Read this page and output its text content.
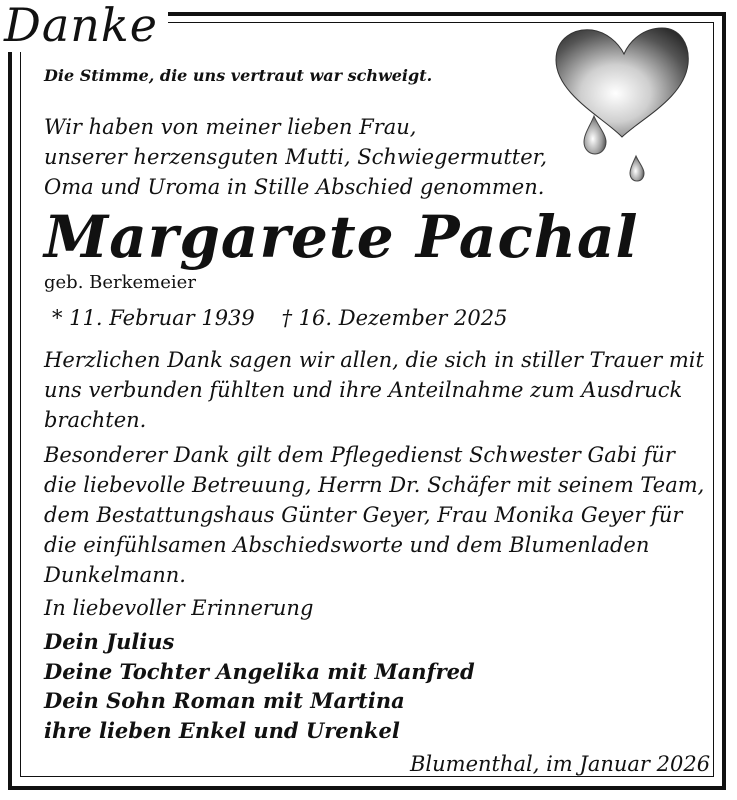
Danke
Die Stimme, die uns vertraut war schweigt.
Wir haben von meiner lieben Frau,
unserer herzensguten Mutti, Schwiegermutter,
Oma und Uroma in Stille Abschied genommen.
Margarete Pachal
geb. Berkemeier
* 11. Februar 1939 † 16. Dezember 2025
Herzlichen Dank sagen wir allen, die sich in stiller Trauer mit
uns verbunden fühlten und ihre Anteilnahme zum Ausdruck
brachten.
Besonderer Dank gilt dem Pflegedienst Schwester Gabi für
die liebevolle Betreuung, Herrn Dr. Schäfer mit seinem Team,
dem Bestattungshaus Günter Geyer, Frau Monika Geyer für
die einfühlsamen Abschiedsworte und dem Blumenladen
Dunkelmann.
In liebevoller Erinnerung
Dein Julius
Deine Tochter Angelika mit Manfred
Dein Sohn Roman mit Martina
ihre lieben Enkel und Urenkel
Blumenthal, im Januar 2026
